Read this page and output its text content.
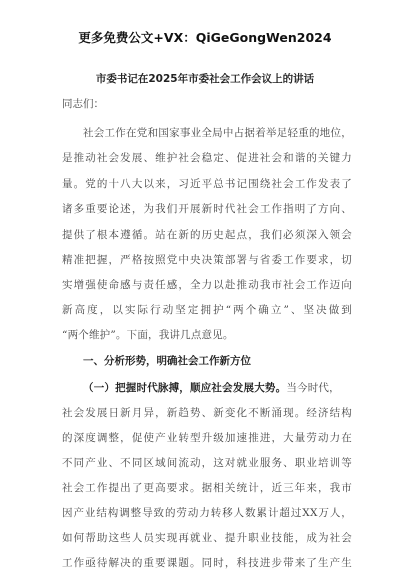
更多免费公文+VX：QiGeGongWen2024
市委书记在2025年市委社会工作会议上的讲话
同志们：
社会工作在党和国家事业全局中占据着举足轻重的地位，
是推动社会发展、维护社会稳定、促进社会和谐的关键力
量。党的十八大以来，习近平总书记围绕社会工作发表了
诸多重要论述，为我们开展新时代社会工作指明了方向、
提供了根本遵循。站在新的历史起点，我们必须深入领会
精准把握，严格按照党中央决策部署与省委工作要求，切
实增强使命感与责任感，全力以赴推动我市社会工作迈向
新高度，以实际行动坚定拥护“两个确立”、坚决做到
“两个维护”。下面，我讲几点意见。
一、分析形势，明确社会工作新方位
（一）把握时代脉搏，顺应社会发展大势。当今时代，
社会发展日新月异，新趋势、新变化不断涌现。经济结构
的深度调整，促使产业转型升级加速推进，大量劳动力在
不同产业、不同区域间流动，这对就业服务、职业培训等
社会工作提出了更高要求。据相关统计，近三年来，我市
因产业结构调整导致的劳动力转移人数累计超过XX万人，
如何帮助这些人员实现再就业、提升职业技能，成为社会
工作亟待解决的重要课题。同时，科技进步带来了生产生
